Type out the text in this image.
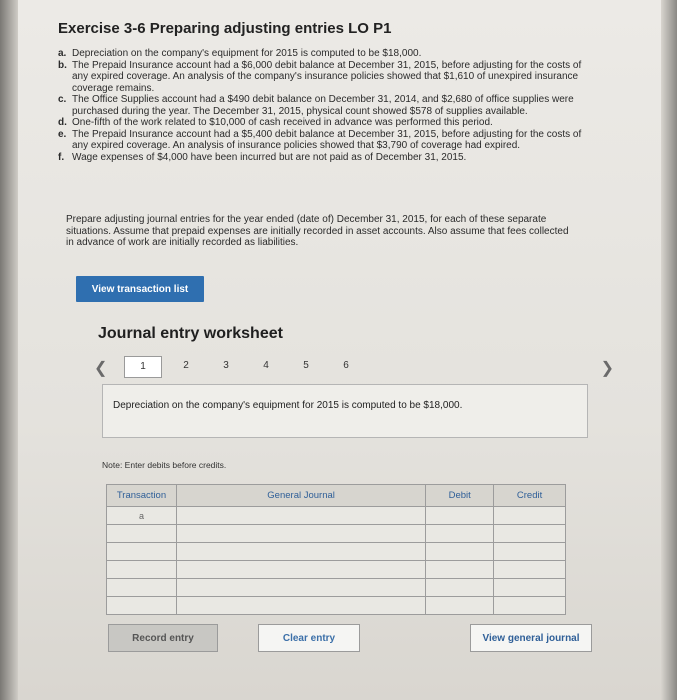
Exercise 3-6 Preparing adjusting entries LO P1
a. Depreciation on the company's equipment for 2015 is computed to be $18,000.
b. The Prepaid Insurance account had a $6,000 debit balance at December 31, 2015, before adjusting for the costs of any expired coverage. An analysis of the company's insurance policies showed that $1,610 of unexpired insurance coverage remains.
c. The Office Supplies account had a $490 debit balance on December 31, 2014, and $2,680 of office supplies were purchased during the year. The December 31, 2015, physical count showed $578 of supplies available.
d. One-fifth of the work related to $10,000 of cash received in advance was performed this period.
e. The Prepaid Insurance account had a $5,400 debit balance at December 31, 2015, before adjusting for the costs of any expired coverage. An analysis of insurance policies showed that $3,790 of coverage had expired.
f. Wage expenses of $4,000 have been incurred but are not paid as of December 31, 2015.
Prepare adjusting journal entries for the year ended (date of) December 31, 2015, for each of these separate situations. Assume that prepaid expenses are initially recorded in asset accounts. Also assume that fees collected in advance of work are initially recorded as liabilities.
View transaction list
Journal entry worksheet
❮	1	2	3	4	5	6	❯
Depreciation on the company's equipment for 2015 is computed to be $18,000.
Note: Enter debits before credits.
Transaction	General Journal	Debit	Credit
a			

Record entry	Clear entry	View general journal
